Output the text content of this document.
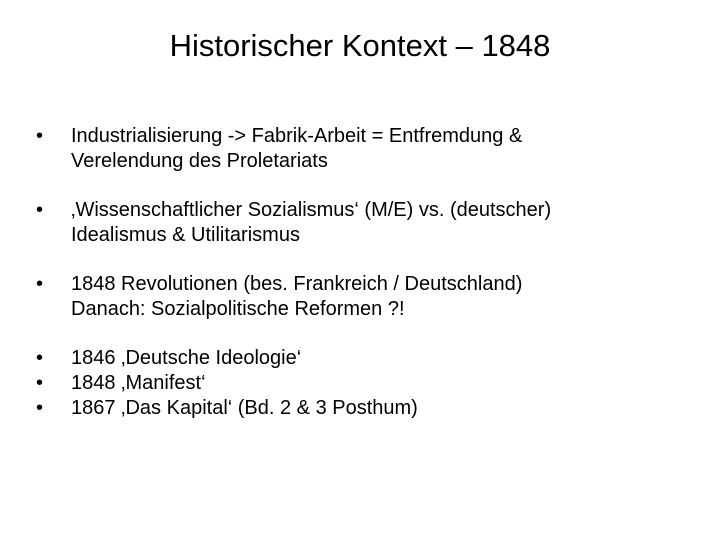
Historischer Kontext – 1848
•	Industrialisierung -> Fabrik-Arbeit = Entfremdung &
Verelendung des Proletariats
•	‚Wissenschaftlicher Sozialismus‘ (M/E) vs. (deutscher)
Idealismus & Utilitarismus
•	1848 Revolutionen (bes. Frankreich / Deutschland)
Danach: Sozialpolitische Reformen ?!
•	1846 ‚Deutsche Ideologie‘
•	1848 ‚Manifest‘
•	1867 ‚Das Kapital‘ (Bd. 2 & 3 Posthum)
